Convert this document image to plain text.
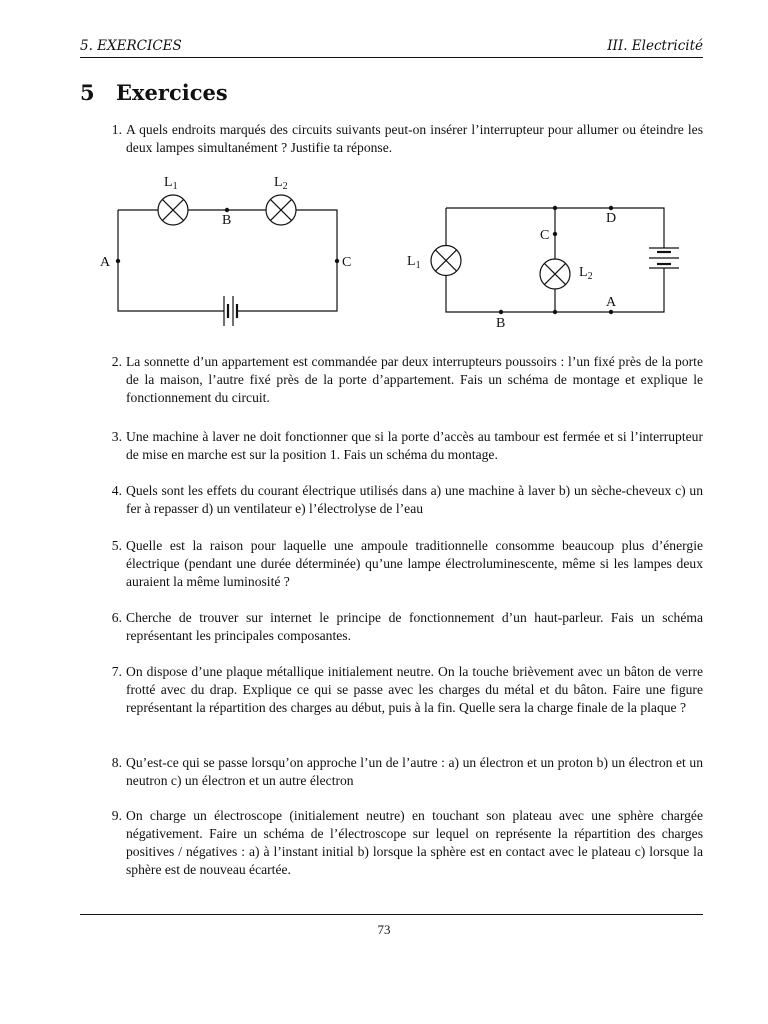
5. EXERCICES	III. Electricité
5 Exercices
1. A quels endroits marqués des circuits suivants peut-on insérer l’interrupteur pour allumer ou éteindre les deux lampes simultanément ? Justifie ta réponse.
$L_1$	$L_2$
B
A	C	$L_1$	$L_2$
C
D
A
B
2. La sonnette d’un appartement est commandée par deux interrupteurs poussoirs : l’un fixé près de la porte de la maison, l’autre fixé près de la porte d’appartement. Fais un schéma de montage et explique le fonctionnement du circuit.
3. Une machine à laver ne doit fonctionner que si la porte d’accès au tambour est fermée et si l’interrupteur de mise en marche est sur la position 1. Fais un schéma du montage.
4. Quels sont les effets du courant électrique utilisés dans a) une machine à laver b) un sèche-cheveux c) un fer à repasser d) un ventilateur e) l’électrolyse de l’eau
5. Quelle est la raison pour laquelle une ampoule traditionnelle consomme beaucoup plus d’énergie électrique (pendant une durée déterminée) qu’une lampe électroluminescente, même si les lampes deux auraient la même luminosité ?
6. Cherche de trouver sur internet le principe de fonctionnement d’un haut-parleur. Fais un schéma représentant les principales composantes.
7. On dispose d’une plaque métallique initialement neutre. On la touche brièvement avec un bâton de verre frotté avec du drap. Explique ce qui se passe avec les charges du métal et du bâton. Faire une figure représentant la répartition des charges au début, puis à la fin. Quelle sera la charge finale de la plaque ?
8. Qu’est-ce qui se passe lorsqu’on approche l’un de l’autre : a) un électron et un proton b) un électron et un neutron c) un électron et un autre électron
9. On charge un électroscope (initialement neutre) en touchant son plateau avec une sphère chargée négativement. Faire un schéma de l’électroscope sur lequel on représente la répartition des charges positives / négatives : a) à l’instant initial b) lorsque la sphère est en contact avec le plateau c) lorsque la sphère est de nouveau écartée.
73
